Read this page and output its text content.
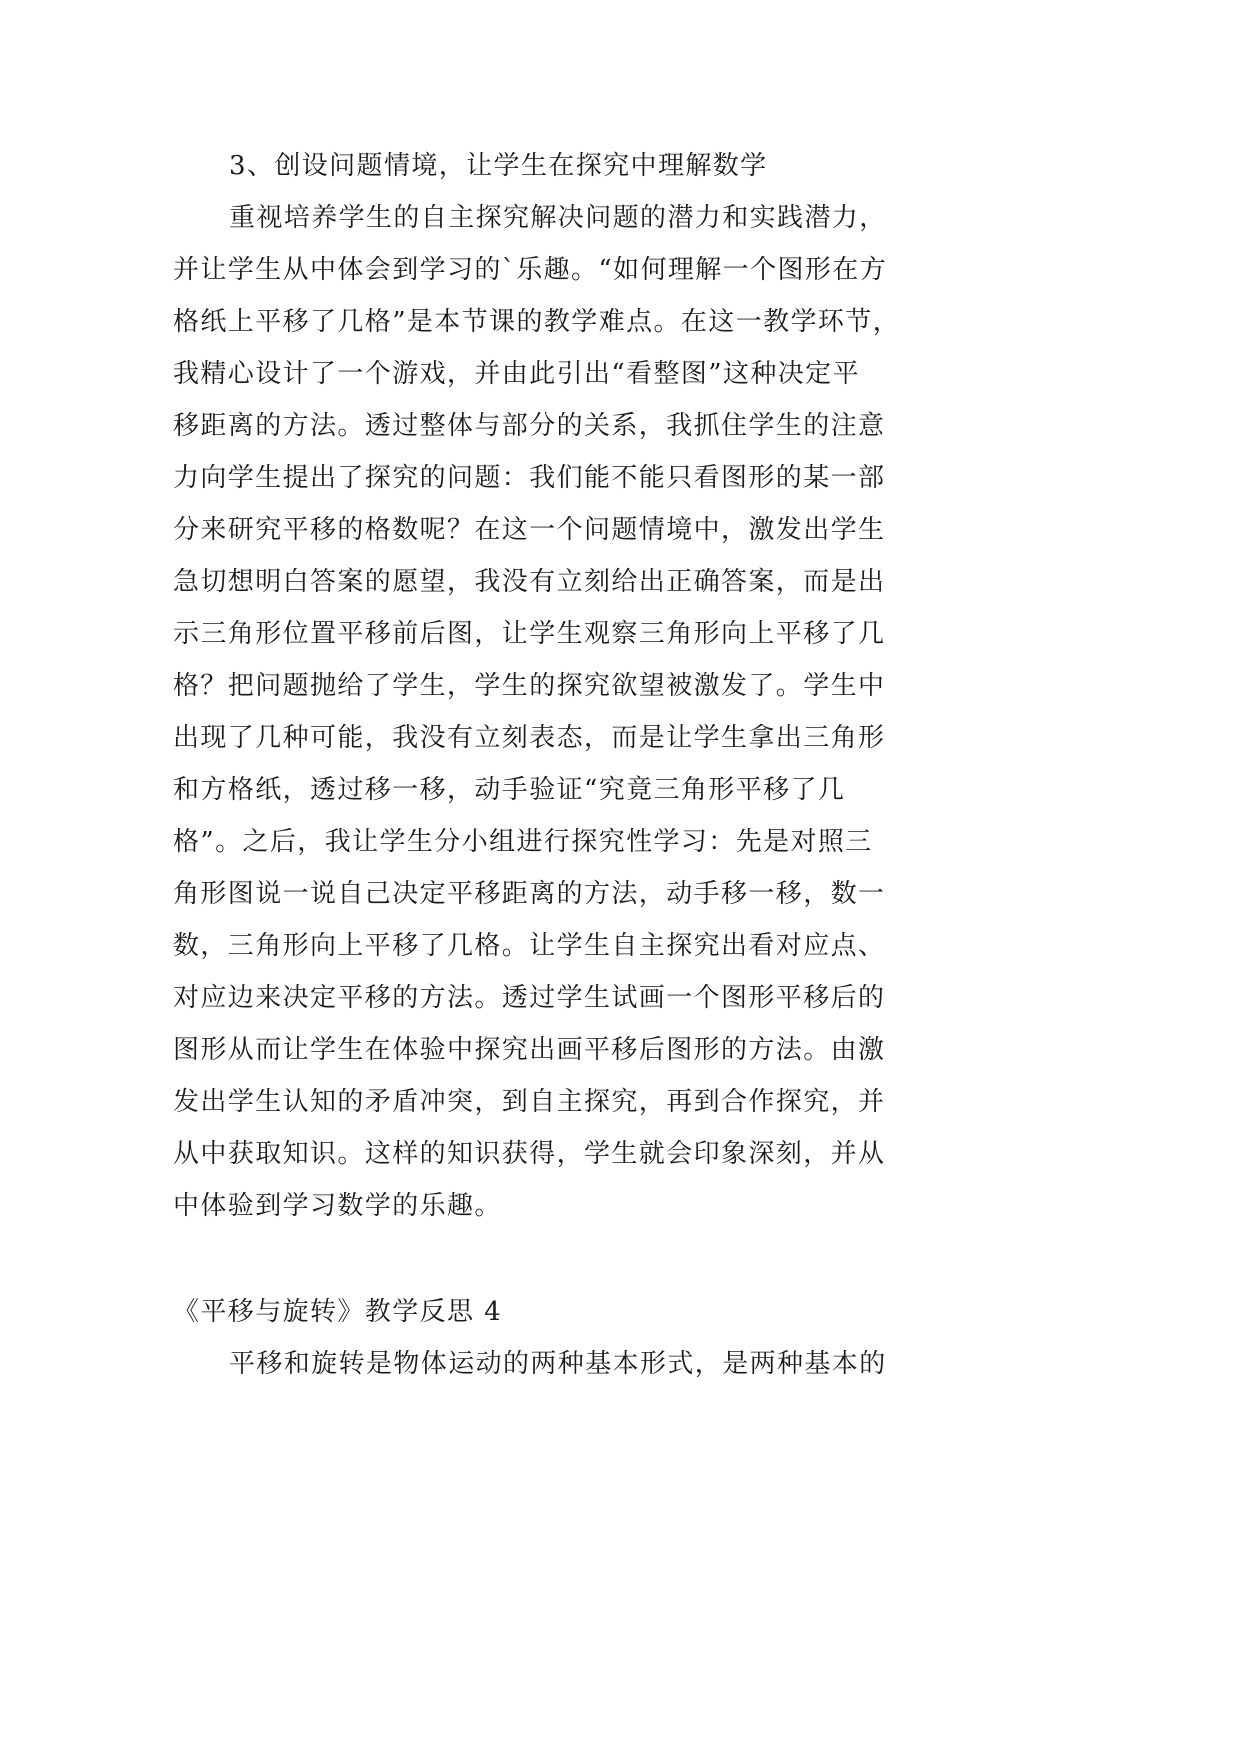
3、创设问题情境，让学生在探究中理解数学
重视培养学生的自主探究解决问题的潜力和实践潜力，
并让学生从中体会到学习的`乐趣。“如何理解一个图形在方
格纸上平移了几格”是本节课的教学难点。在这一教学环节，
我精心设计了一个游戏，并由此引出“看整图”这种决定平
移距离的方法。透过整体与部分的关系，我抓住学生的注意
力向学生提出了探究的问题：我们能不能只看图形的某一部
分来研究平移的格数呢？在这一个问题情境中，激发出学生
急切想明白答案的愿望，我没有立刻给出正确答案，而是出
示三角形位置平移前后图，让学生观察三角形向上平移了几
格？把问题抛给了学生，学生的探究欲望被激发了。学生中
出现了几种可能，我没有立刻表态，而是让学生拿出三角形
和方格纸，透过移一移，动手验证“究竟三角形平移了几
格”。之后，我让学生分小组进行探究性学习：先是对照三
角形图说一说自己决定平移距离的方法，动手移一移，数一
数，三角形向上平移了几格。让学生自主探究出看对应点、
对应边来决定平移的方法。透过学生试画一个图形平移后的
图形从而让学生在体验中探究出画平移后图形的方法。由激
发出学生认知的矛盾冲突，到自主探究，再到合作探究，并
从中获取知识。这样的知识获得，学生就会印象深刻，并从
中体验到学习数学的乐趣。
《平移与旋转》教学反思 4
平移和旋转是物体运动的两种基本形式，是两种基本的
